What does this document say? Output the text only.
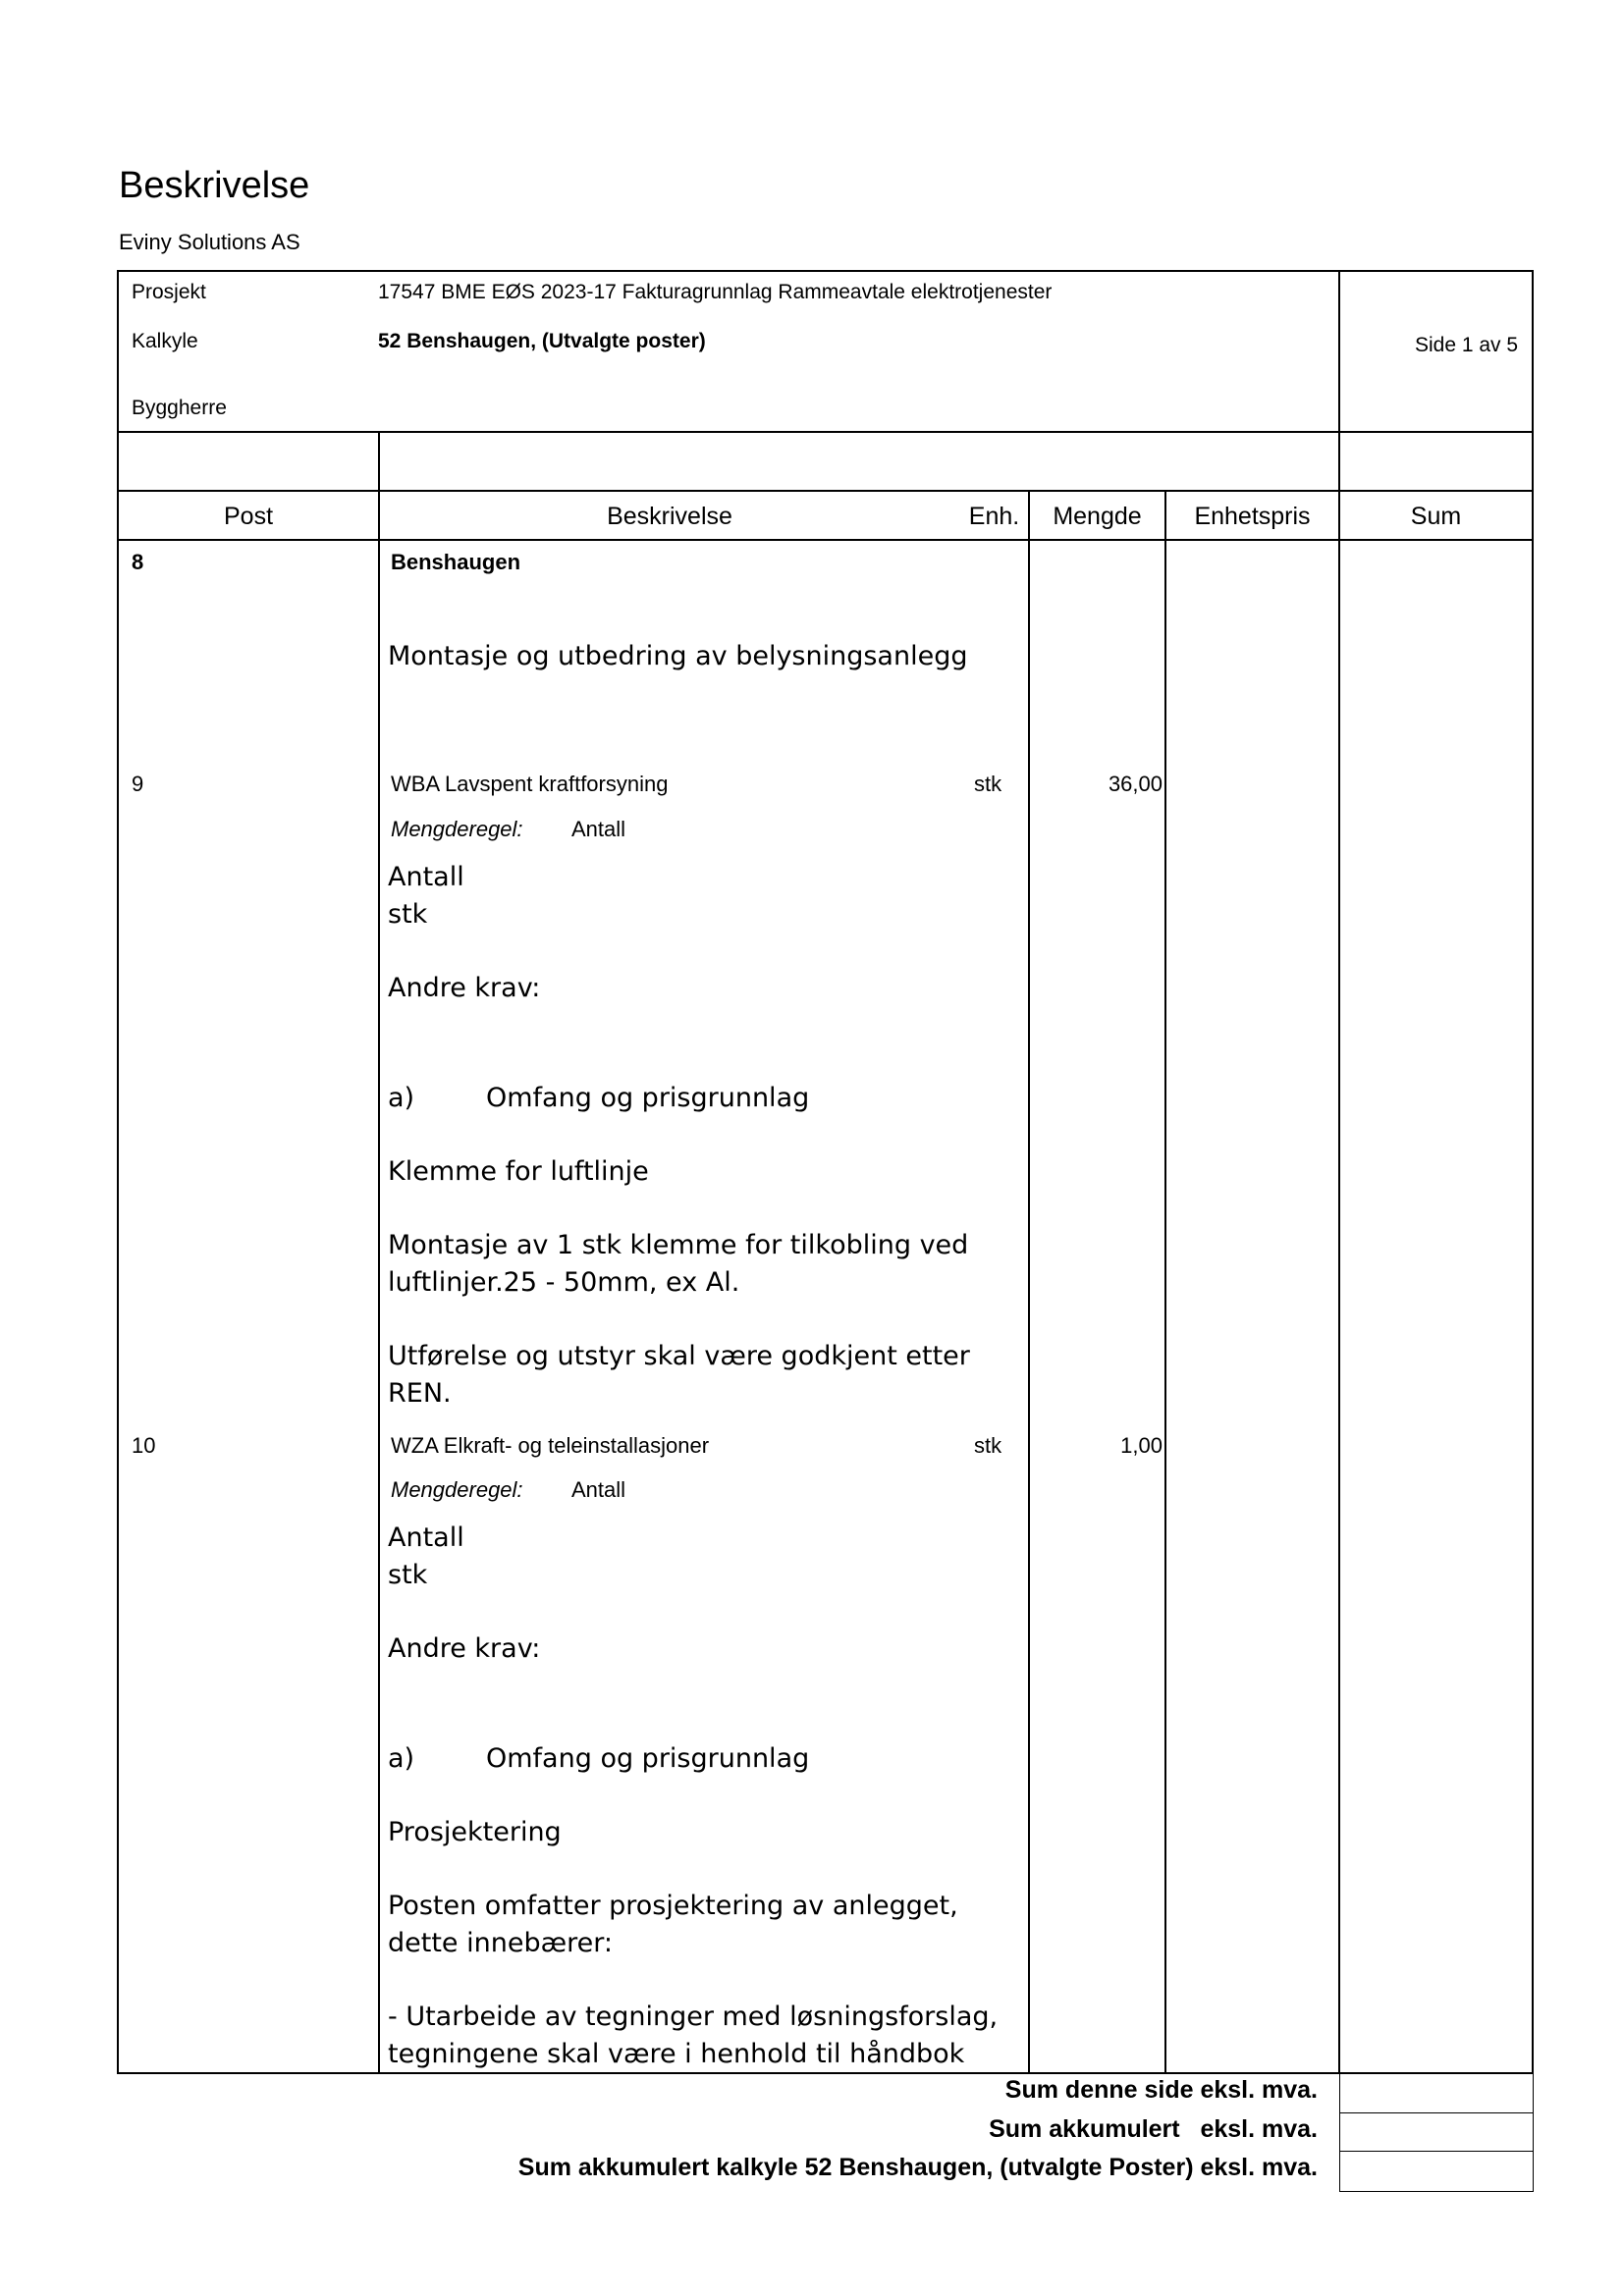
Beskrivelse
Eviny Solutions AS
Prosjekt	17547 BME EØS 2023-17 Fakturagrunnlag Rammeavtale elektrotjenester
Kalkyle	52 Benshaugen, (Utvalgte poster)
Byggherre
Side 1 av 5
Post	Beskrivelse	Enh.	Mengde	Enhetspris	Sum
8	Benshaugen
Montasje og utbedring av belysningsanlegg
9	WBA Lavspent kraftforsyning	stk	36,00
Mengderegel: Antall
Antall
stk
Andre krav:
a)	Omfang og prisgrunnlag
Klemme for luftlinje
Montasje av 1 stk klemme for tilkobling ved
luftlinjer.25 - 50mm, ex Al.
Utførelse og utstyr skal være godkjent etter
REN.
10	WZA Elkraft- og teleinstallasjoner	stk	1,00
Mengderegel: Antall
Antall
stk
Andre krav:
a)	Omfang og prisgrunnlag
Prosjektering
Posten omfatter prosjektering av anlegget,
dette innebærer:
- Utarbeide av tegninger med løsningsforslag,
tegningene skal være i henhold til håndbok
Sum denne side eksl. mva.
Sum akkumulert   eksl. mva.
Sum akkumulert kalkyle 52 Benshaugen, (utvalgte Poster) eksl. mva.
